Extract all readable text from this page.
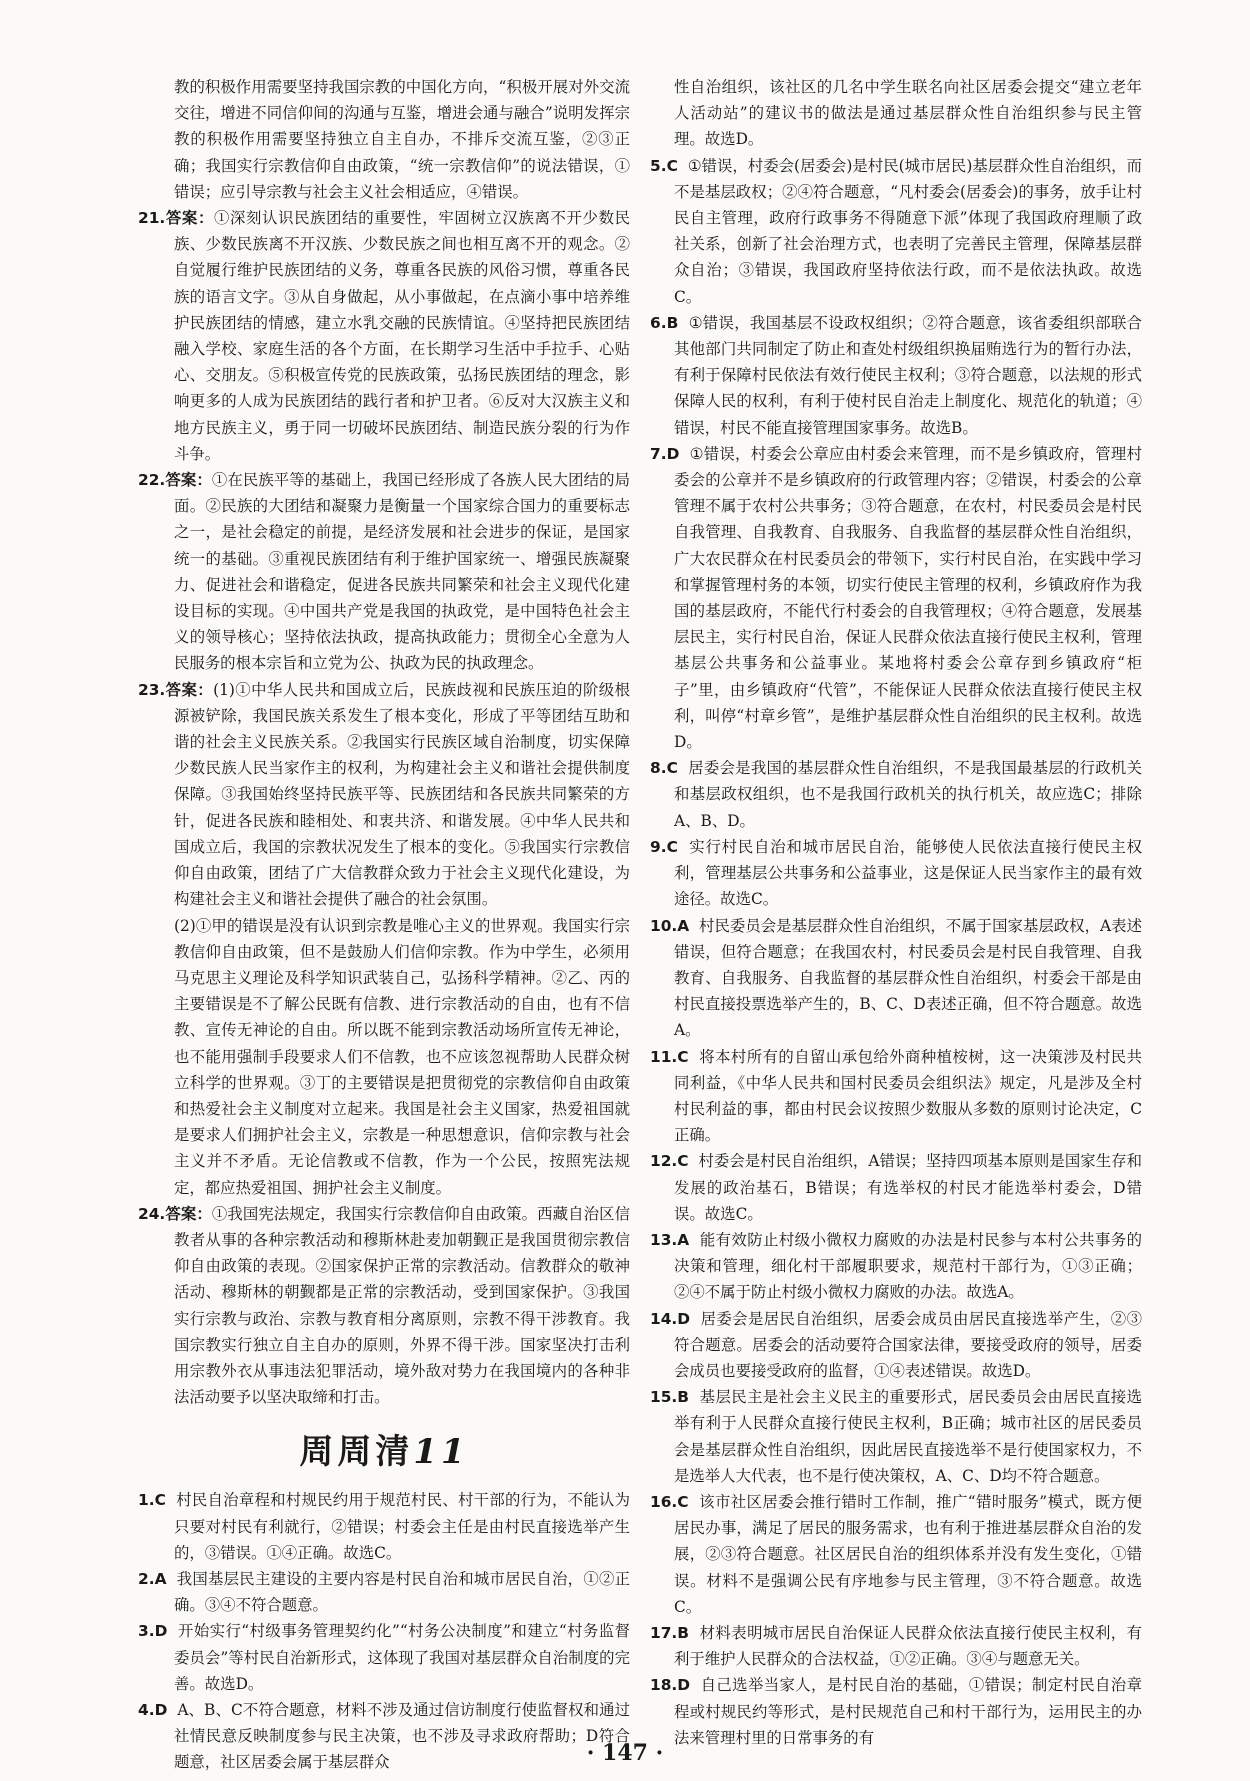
教的积极作用需要坚持我国宗教的中国化方向，“积极开展对外交流交往，增进不同信仰间的沟通与互鉴，增进会通与融合”说明发挥宗教的积极作用需要坚持独立自主自办，不排斥交流互鉴，②③正确；我国实行宗教信仰自由政策，“统一宗教信仰”的说法错误，①错误；应引导宗教与社会主义社会相适应，④错误。

21.答案：①深刻认识民族团结的重要性，牢固树立汉族离不开少数民族、少数民族离不开汉族、少数民族之间也相互离不开的观念。②自觉履行维护民族团结的义务，尊重各民族的风俗习惯，尊重各民族的语言文字。③从自身做起，从小事做起，在点滴小事中培养维护民族团结的情感，建立水乳交融的民族情谊。④坚持把民族团结融入学校、家庭生活的各个方面，在长期学习生活中手拉手、心贴心、交朋友。⑤积极宣传党的民族政策，弘扬民族团结的理念，影响更多的人成为民族团结的践行者和护卫者。⑥反对大汉族主义和地方民族主义，勇于同一切破坏民族团结、制造民族分裂的行为作斗争。

22.答案：①在民族平等的基础上，我国已经形成了各族人民大团结的局面。②民族的大团结和凝聚力是衡量一个国家综合国力的重要标志之一，是社会稳定的前提，是经济发展和社会进步的保证，是国家统一的基础。③重视民族团结有利于维护国家统一、增强民族凝聚力、促进社会和谐稳定，促进各民族共同繁荣和社会主义现代化建设目标的实现。④中国共产党是我国的执政党，是中国特色社会主义的领导核心；坚持依法执政，提高执政能力；贯彻全心全意为人民服务的根本宗旨和立党为公、执政为民的执政理念。

23.答案：(1)①中华人民共和国成立后，民族歧视和民族压迫的阶级根源被铲除，我国民族关系发生了根本变化，形成了平等团结互助和谐的社会主义民族关系。②我国实行民族区域自治制度，切实保障少数民族人民当家作主的权利，为构建社会主义和谐社会提供制度保障。③我国始终坚持民族平等、民族团结和各民族共同繁荣的方针，促进各民族和睦相处、和衷共济、和谐发展。④中华人民共和国成立后，我国的宗教状况发生了根本的变化。⑤我国实行宗教信仰自由政策，团结了广大信教群众致力于社会主义现代化建设，为构建社会主义和谐社会提供了融合的社会氛围。

(2)①甲的错误是没有认识到宗教是唯心主义的世界观。我国实行宗教信仰自由政策，但不是鼓励人们信仰宗教。作为中学生，必须用马克思主义理论及科学知识武装自己，弘扬科学精神。②乙、丙的主要错误是不了解公民既有信教、进行宗教活动的自由，也有不信教、宣传无神论的自由。所以既不能到宗教活动场所宣传无神论，也不能用强制手段要求人们不信教，也不应该忽视帮助人民群众树立科学的世界观。③丁的主要错误是把贯彻党的宗教信仰自由政策和热爱社会主义制度对立起来。我国是社会主义国家，热爱祖国就是要求人们拥护社会主义，宗教是一种思想意识，信仰宗教与社会主义并不矛盾。无论信教或不信教，作为一个公民，按照宪法规定，都应热爱祖国、拥护社会主义制度。

24.答案：①我国宪法规定，我国实行宗教信仰自由政策。西藏自治区信教者从事的各种宗教活动和穆斯林赴麦加朝觐正是我国贯彻宗教信仰自由政策的表现。②国家保护正常的宗教活动。信教群众的敬神活动、穆斯林的朝觐都是正常的宗教活动，受到国家保护。③我国实行宗教与政治、宗教与教育相分离原则，宗教不得干涉教育。我国宗教实行独立自主自办的原则，外界不得干涉。国家坚决打击利用宗教外衣从事违法犯罪活动，境外敌对势力在我国境内的各种非法活动要予以坚决取缔和打击。

周周清11

1.C 村民自治章程和村规民约用于规范村民、村干部的行为，不能认为只要对村民有利就行，②错误；村委会主任是由村民直接选举产生的，③错误。①④正确。故选C。

2.A 我国基层民主建设的主要内容是村民自治和城市居民自治，①②正确。③④不符合题意。

3.D 开始实行“村级事务管理契约化”“村务公决制度”和建立“村务监督委员会”等村民自治新形式，这体现了我国对基层群众自治制度的完善。故选D。

4.D A、B、C不符合题意，材料不涉及通过信访制度行使监督权和通过社情民意反映制度参与民主决策，也不涉及寻求政府帮助；D符合题意，社区居委会属于基层群众

性自治组织，该社区的几名中学生联名向社区居委会提交“建立老年人活动站”的建议书的做法是通过基层群众性自治组织参与民主管理。故选D。

5.C ①错误，村委会(居委会)是村民(城市居民)基层群众性自治组织，而不是基层政权；②④符合题意，“凡村委会(居委会)的事务，放手让村民自主管理，政府行政事务不得随意下派”体现了我国政府理顺了政社关系，创新了社会治理方式，也表明了完善民主管理，保障基层群众自治；③错误，我国政府坚持依法行政，而不是依法执政。故选C。

6.B ①错误，我国基层不设政权组织；②符合题意，该省委组织部联合其他部门共同制定了防止和查处村级组织换届贿选行为的暂行办法，有利于保障村民依法有效行使民主权利；③符合题意，以法规的形式保障人民的权利，有利于使村民自治走上制度化、规范化的轨道；④错误，村民不能直接管理国家事务。故选B。

7.D ①错误，村委会公章应由村委会来管理，而不是乡镇政府，管理村委会的公章并不是乡镇政府的行政管理内容；②错误，村委会的公章管理不属于农村公共事务；③符合题意，在农村，村民委员会是村民自我管理、自我教育、自我服务、自我监督的基层群众性自治组织，广大农民群众在村民委员会的带领下，实行村民自治，在实践中学习和掌握管理村务的本领，切实行使民主管理的权利，乡镇政府作为我国的基层政府，不能代行村委会的自我管理权；④符合题意，发展基层民主，实行村民自治，保证人民群众依法直接行使民主权利，管理基层公共事务和公益事业。某地将村委会公章存到乡镇政府“柜子”里，由乡镇政府“代管”，不能保证人民群众依法直接行使民主权利，叫停“村章乡管”，是维护基层群众性自治组织的民主权利。故选D。

8.C 居委会是我国的基层群众性自治组织，不是我国最基层的行政机关和基层政权组织，也不是我国行政机关的执行机关，故应选C；排除A、B、D。

9.C 实行村民自治和城市居民自治，能够使人民依法直接行使民主权利，管理基层公共事务和公益事业，这是保证人民当家作主的最有效途径。故选C。

10.A 村民委员会是基层群众性自治组织，不属于国家基层政权，A表述错误，但符合题意；在我国农村，村民委员会是村民自我管理、自我教育、自我服务、自我监督的基层群众性自治组织，村委会干部是由村民直接投票选举产生的，B、C、D表述正确，但不符合题意。故选A。

11.C 将本村所有的自留山承包给外商种植桉树，这一决策涉及村民共同利益，《中华人民共和国村民委员会组织法》规定，凡是涉及全村村民利益的事，都由村民会议按照少数服从多数的原则讨论决定，C正确。

12.C 村委会是村民自治组织，A错误；坚持四项基本原则是国家生存和发展的政治基石，B错误；有选举权的村民才能选举村委会，D错误。故选C。

13.A 能有效防止村级小微权力腐败的办法是村民参与本村公共事务的决策和管理，细化村干部履职要求，规范村干部行为，①③正确；②④不属于防止村级小微权力腐败的办法。故选A。

14.D 居委会是居民自治组织，居委会成员由居民直接选举产生，②③符合题意。居委会的活动要符合国家法律，要接受政府的领导，居委会成员也要接受政府的监督，①④表述错误。故选D。

15.B 基层民主是社会主义民主的重要形式，居民委员会由居民直接选举有利于人民群众直接行使民主权利，B正确；城市社区的居民委员会是基层群众性自治组织，因此居民直接选举不是行使国家权力，不是选举人大代表，也不是行使决策权，A、C、D均不符合题意。

16.C 该市社区居委会推行错时工作制，推广“错时服务”模式，既方便居民办事，满足了居民的服务需求，也有利于推进基层群众自治的发展，②③符合题意。社区居民自治的组织体系并没有发生变化，①错误。材料不是强调公民有序地参与民主管理，③不符合题意。故选C。

17.B 材料表明城市居民自治保证人民群众依法直接行使民主权利，有利于维护人民群众的合法权益，①②正确。③④与题意无关。

18.D 自己选举当家人，是村民自治的基础，①错误；制定村民自治章程或村规民约等形式，是村民规范自己和村干部行为，运用民主的办法来管理村里的日常事务的有

· 147 ·
